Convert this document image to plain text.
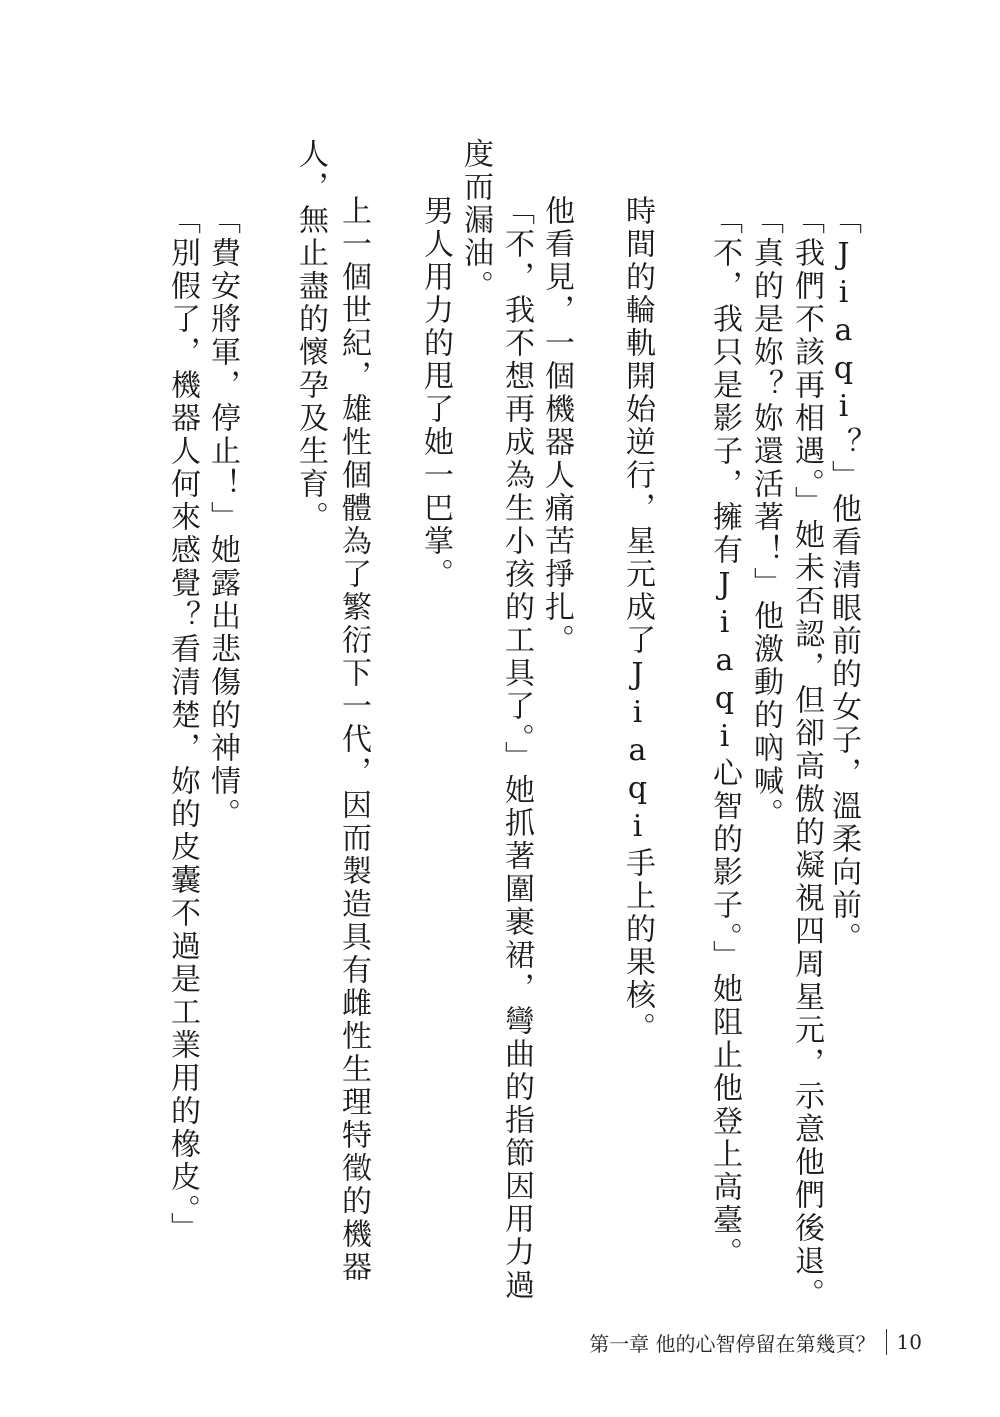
「Jiaqi？」他看清眼前的女子，溫柔向前。
「我們不該再相遇。」她未否認，但卻高傲的凝視四周星元，示意他們後退。
「真的是妳？妳還活著！」他激動的吶喊。
「不，我只是影子，擁有Jiaqi心智的影子。」她阻止他登上高臺。
時間的輪軌開始逆行，星元成了Jiaqi手上的果核。
他看見，一個機器人痛苦掙扎。
「不，我不想再成為生小孩的工具了。」她抓著圍裹裙，彎曲的指節因用力過
度而漏油。
男人用力的甩了她一巴掌。
上一個世紀，雄性個體為了繁衍下一代，因而製造具有雌性生理特徵的機器
人，無止盡的懷孕及生育。
「費安將軍，停止！」她露出悲傷的神情。
「別假了，機器人何來感覺？看清楚，妳的皮囊不過是工業用的橡皮。」
第一章 他的心智停留在第幾頁？ 10
